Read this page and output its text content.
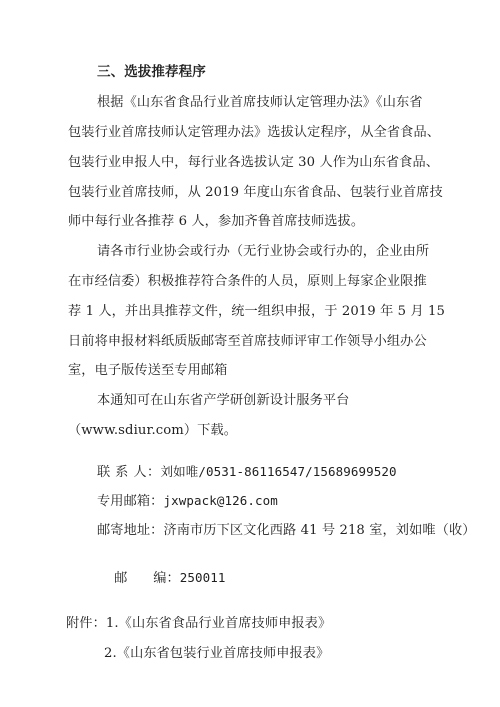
三、选拔推荐程序
根据《山东省食品行业首席技师认定管理办法》《山东省
包装行业首席技师认定管理办法》选拔认定程序，从全省食品、
包装行业申报人中，每行业各选拔认定 30 人作为山东省食品、
包装行业首席技师，从 2019 年度山东省食品、包装行业首席技
师中每行业各推荐 6 人，参加齐鲁首席技师选拔。
请各市行业协会或行办（无行业协会或行办的，企业由所
在市经信委）积极推荐符合条件的人员，原则上每家企业限推
荐 1 人，并出具推荐文件，统一组织申报，于 2019 年 5 月 15
日前将申报材料纸质版邮寄至首席技师评审工作领导小组办公
室，电子版传送至专用邮箱
本通知可在山东省产学研创新设计服务平台
（www.sdiur.com）下载。
联 系 人：刘如唯/0531-86116547/15689699520
专用邮箱：jxwpack@126.com
邮寄地址：济南市历下区文化西路 41 号 218 室，刘如唯（收）

邮      编：250011

附件：1.《山东省食品行业首席技师申报表》
2.《山东省包装行业首席技师申报表》
